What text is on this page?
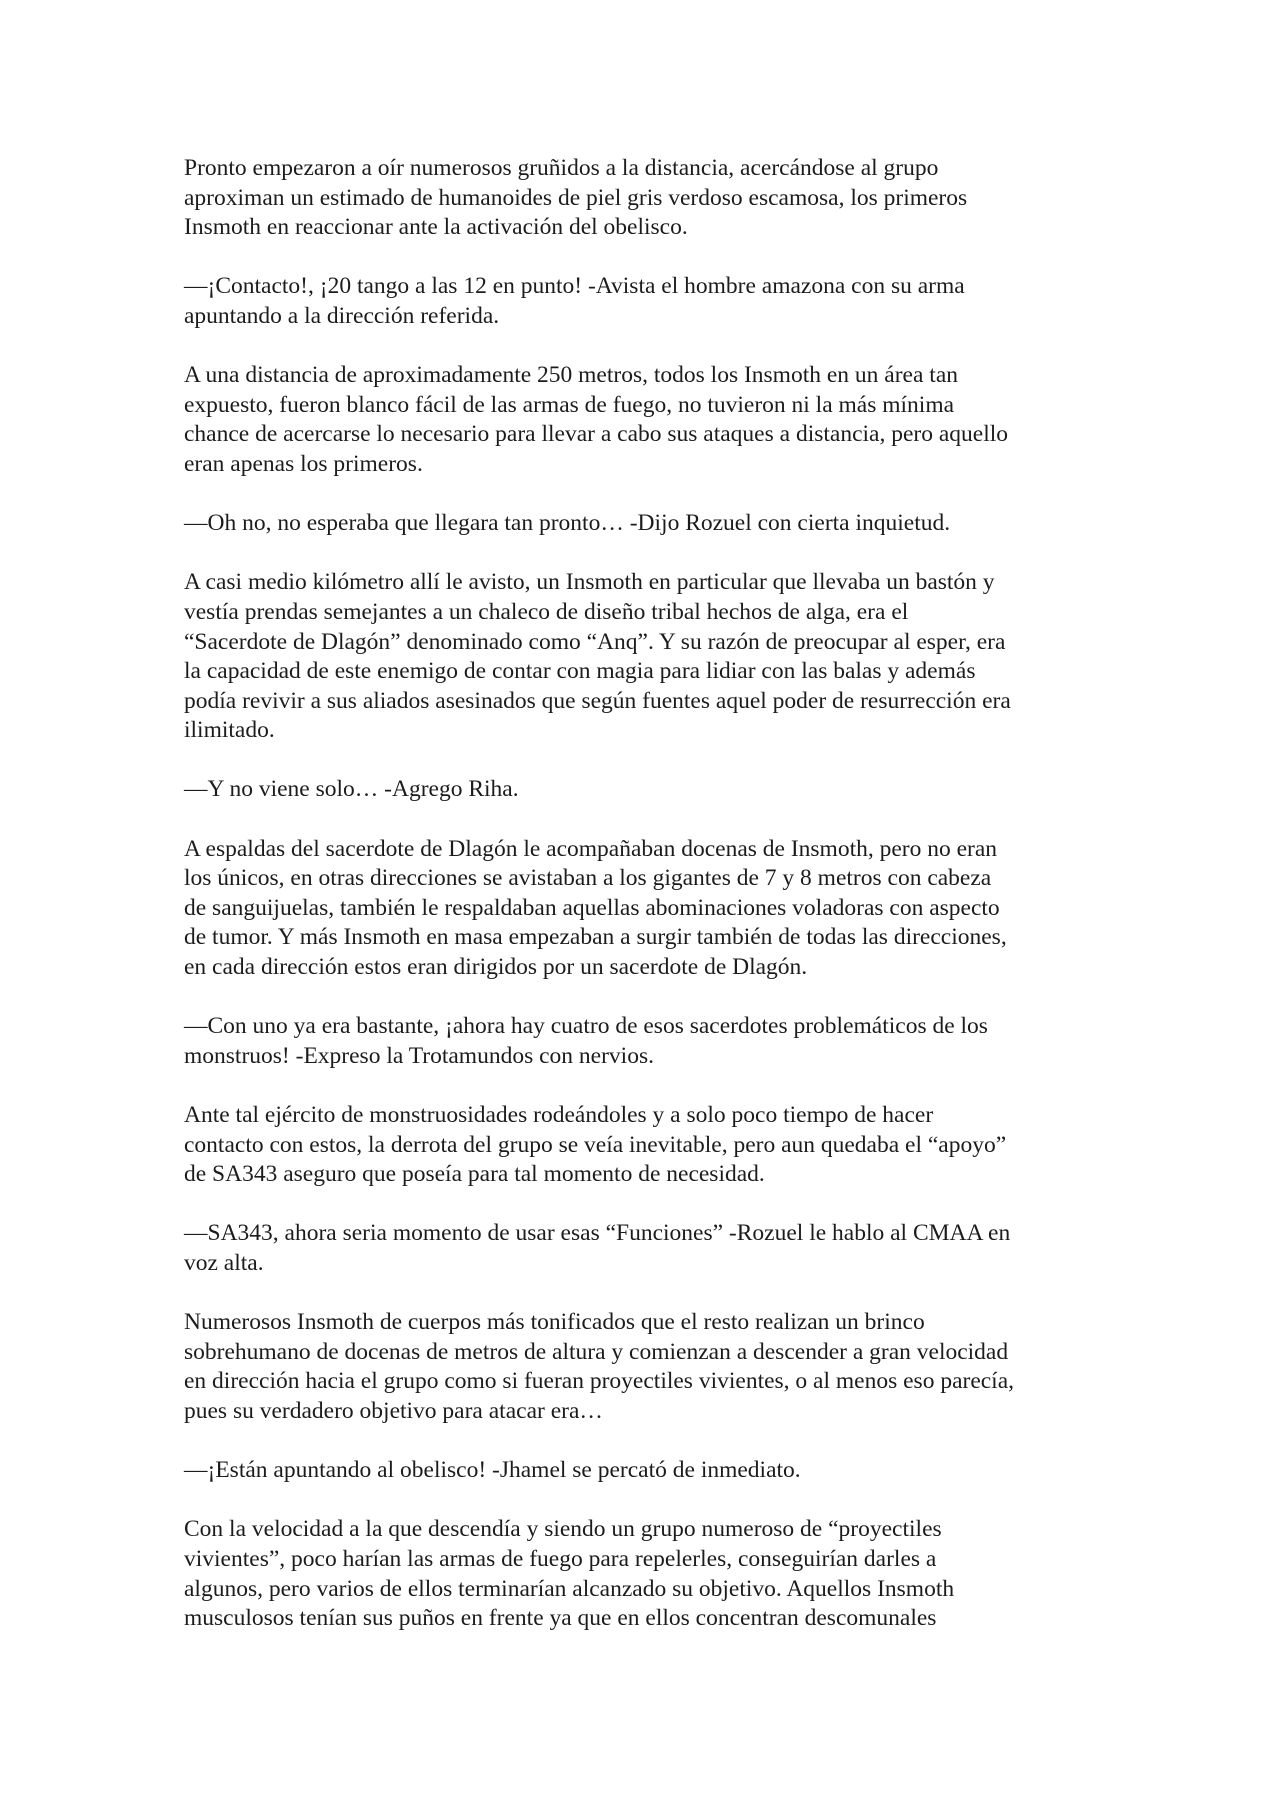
Pronto empezaron a oír numerosos gruñidos a la distancia, acercándose al grupo
aproximan un estimado de humanoides de piel gris verdoso escamosa, los primeros
Insmoth en reaccionar ante la activación del obelisco.

—¡Contacto!, ¡20 tango a las 12 en punto! -Avista el hombre amazona con su arma
apuntando a la dirección referida.

A una distancia de aproximadamente 250 metros, todos los Insmoth en un área tan
expuesto, fueron blanco fácil de las armas de fuego, no tuvieron ni la más mínima
chance de acercarse lo necesario para llevar a cabo sus ataques a distancia, pero aquello
eran apenas los primeros.

—Oh no, no esperaba que llegara tan pronto… -Dijo Rozuel con cierta inquietud.

A casi medio kilómetro allí le avisto, un Insmoth en particular que llevaba un bastón y
vestía prendas semejantes a un chaleco de diseño tribal hechos de alga, era el
“Sacerdote de Dlagón” denominado como “Anq”. Y su razón de preocupar al esper, era
la capacidad de este enemigo de contar con magia para lidiar con las balas y además
podía revivir a sus aliados asesinados que según fuentes aquel poder de resurrección era
ilimitado.

—Y no viene solo… -Agrego Riha.

A espaldas del sacerdote de Dlagón le acompañaban docenas de Insmoth, pero no eran
los únicos, en otras direcciones se avistaban a los gigantes de 7 y 8 metros con cabeza
de sanguijuelas, también le respaldaban aquellas abominaciones voladoras con aspecto
de tumor. Y más Insmoth en masa empezaban a surgir también de todas las direcciones,
en cada dirección estos eran dirigidos por un sacerdote de Dlagón.

—Con uno ya era bastante, ¡ahora hay cuatro de esos sacerdotes problemáticos de los
monstruos! -Expreso la Trotamundos con nervios.

Ante tal ejército de monstruosidades rodeándoles y a solo poco tiempo de hacer
contacto con estos, la derrota del grupo se veía inevitable, pero aun quedaba el “apoyo”
de SA343 aseguro que poseía para tal momento de necesidad.

—SA343, ahora seria momento de usar esas “Funciones” -Rozuel le hablo al CMAA en
voz alta.

Numerosos Insmoth de cuerpos más tonificados que el resto realizan un brinco
sobrehumano de docenas de metros de altura y comienzan a descender a gran velocidad
en dirección hacia el grupo como si fueran proyectiles vivientes, o al menos eso parecía,
pues su verdadero objetivo para atacar era…

—¡Están apuntando al obelisco! -Jhamel se percató de inmediato.

Con la velocidad a la que descendía y siendo un grupo numeroso de “proyectiles
vivientes”, poco harían las armas de fuego para repelerles, conseguirían darles a
algunos, pero varios de ellos terminarían alcanzado su objetivo. Aquellos Insmoth
musculosos tenían sus puños en frente ya que en ellos concentran descomunales
